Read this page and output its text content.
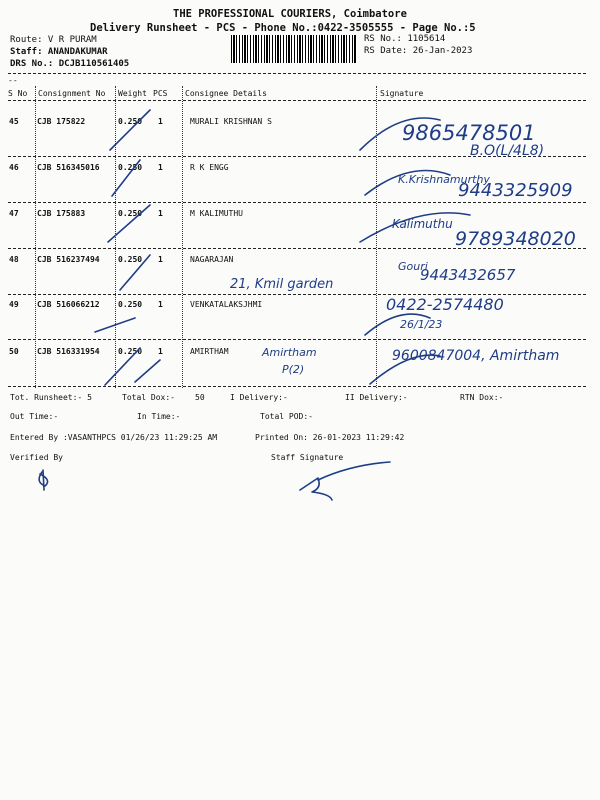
THE PROFESSIONAL COURIERS, Coimbatore
Delivery Runsheet - PCS - Phone No.:0422-3505555 - Page No.:5
Route: V R PURAM
Staff: ANANDAKUMAR
DRS No.: DCJB110561405
RS No.: 1105614
RS Date: 26-Jan-2023
--
S No Consignment No Weight PCS Consignee Details	Signature
45 CJB 175822	0.250 1	MURALI KRISHNAN S
46 CJB 516345016 0.250 1	R K ENGG
47 CJB 175883	0.250 1	M KALIMUTHU
48 CJB 516237494 0.250 1	NAGARAJAN
49 CJB 516066212 0.250 1	VENKATALAKSJHMI
50 CJB 516331954 0.250 1	AMIRTHAM
Tot. Runsheet:- 5	Total Dox:-	50	I Delivery:-	II Delivery:-	RTN Dox:-
Out Time:-	In Time:-	Total POD:-
Entered By :VASANTHPCS 01/26/23 11:29:25 AM	Printed On: 26-01-2023 11:29:42
Verified By	Staff Signature
9865478501
B.O(L/4L8)
K.Krishnamurthy
9443325909
Kalimuthu
9789348020
21, Kmil garden
Gouri
9443432657
0422-2574480
26/1/23
Amirtham
P(2)
9600847004, Amirtham
